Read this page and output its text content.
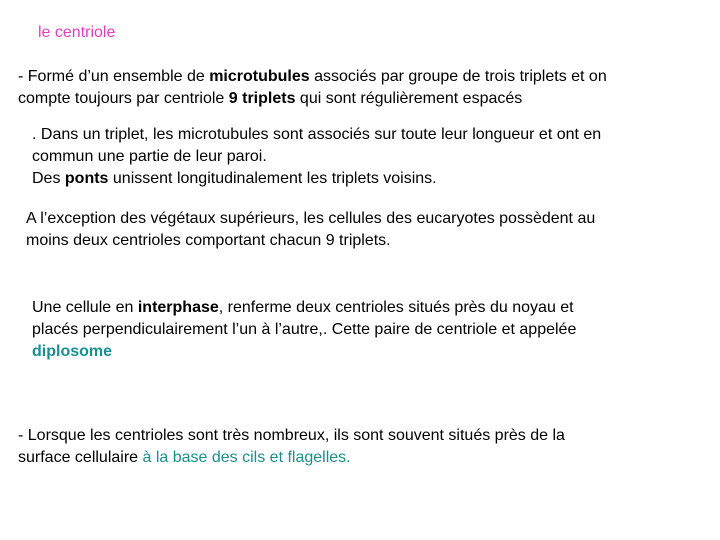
le centriole
- Formé d’un ensemble de microtubules associés par groupe de trois triplets et on
compte toujours par centriole 9 triplets qui sont régulièrement espacés
. Dans un triplet, les microtubules sont associés sur toute leur longueur et ont en
commun une partie de leur paroi.
Des ponts unissent longitudinalement les triplets voisins.
A l’exception des végétaux supérieurs, les cellules des eucaryotes possèdent au
moins deux centrioles comportant chacun 9 triplets.
Une cellule en interphase, renferme deux centrioles situés près du noyau et
placés perpendiculairement l’un à l’autre,. Cette paire de centriole et appelée
diplosome
- Lorsque les centrioles sont très nombreux, ils sont souvent situés près de la
surface cellulaire à la base des cils et flagelles.
